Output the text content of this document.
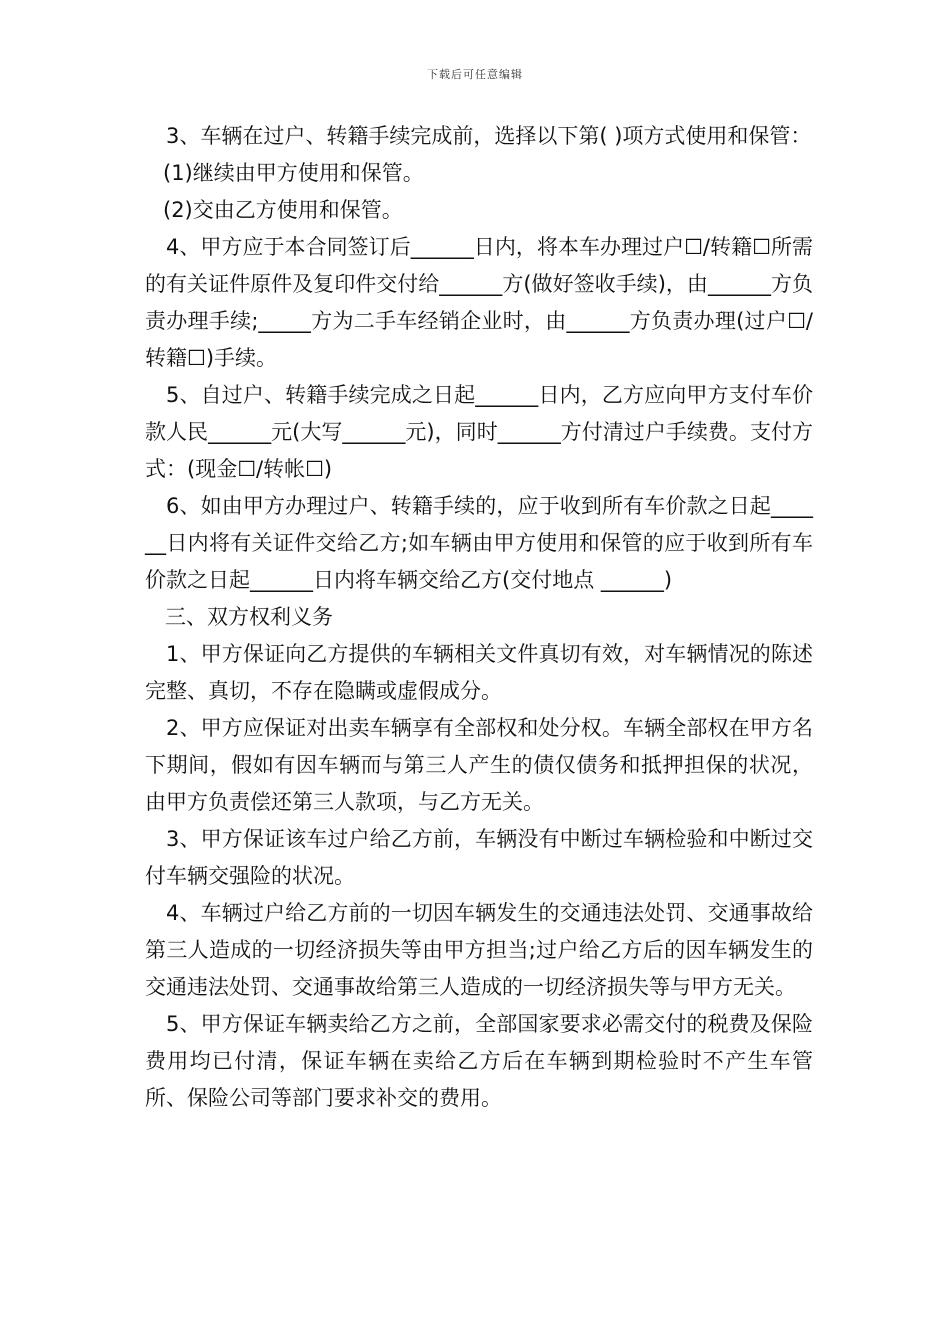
下载后可任意编辑

3、车辆在过户、转籍手续完成前，选择以下第( )项方式使用和保管：

(1)继续由甲方使用和保管。

(2)交由乙方使用和保管。

4、甲方应于本合同签订后______日内，将本车办理过户☐/转籍☐所需的有关证件原件及复印件交付给______方(做好签收手续)，由______方负责办理手续;_____方为二手车经销企业时，由______方负责办理(过户☐/转籍☐)手续。

5、自过户、转籍手续完成之日起______日内，乙方应向甲方支付车价款人民______元(大写______元)，同时______方付清过户手续费。支付方式：(现金☐/转帐☐)

6、如由甲方办理过户、转籍手续的，应于收到所有车价款之日起______日内将有关证件交给乙方;如车辆由甲方使用和保管的应于收到所有车价款之日起______日内将车辆交给乙方(交付地点 ______)

三、双方权利义务

1、甲方保证向乙方提供的车辆相关文件真切有效，对车辆情况的陈述完整、真切，不存在隐瞒或虚假成分。

2、甲方应保证对出卖车辆享有全部权和处分权。车辆全部权在甲方名下期间，假如有因车辆而与第三人产生的债仅债务和抵押担保的状况，由甲方负责偿还第三人款项，与乙方无关。

3、甲方保证该车过户给乙方前，车辆没有中断过车辆检验和中断过交付车辆交强险的状况。

4、车辆过户给乙方前的一切因车辆发生的交通违法处罚、交通事故给第三人造成的一切经济损失等由甲方担当;过户给乙方后的因车辆发生的交通违法处罚、交通事故给第三人造成的一切经济损失等与甲方无关。

5、甲方保证车辆卖给乙方之前，全部国家要求必需交付的税费及保险费用均已付清，保证车辆在卖给乙方后在车辆到期检验时不产生车管所、保险公司等部门要求补交的费用。
